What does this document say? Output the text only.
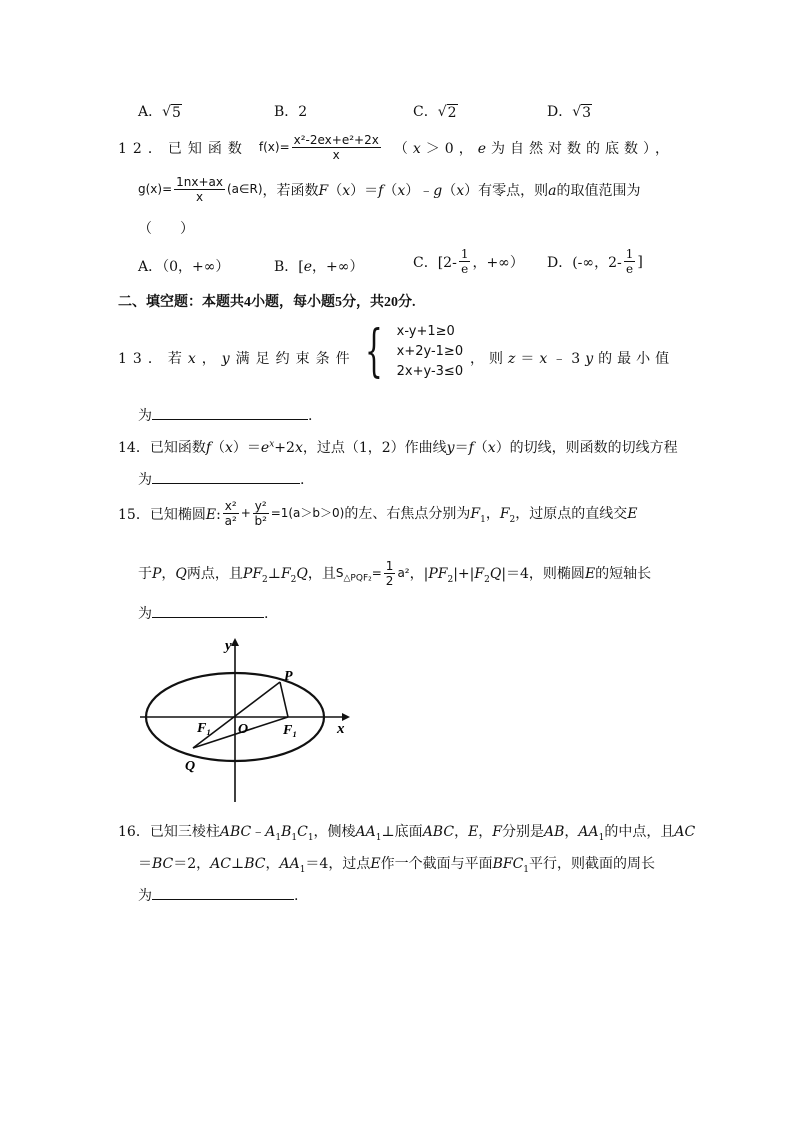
A． √ 5	B．2	C． √ 2	D． √ 3
12．已知函数 $f(x)= \frac{\text{x²-2ex+e²+2x}}{x} (x>0$，e为自然对数的底数），
$g(x)= \frac{1nx+ax}{x}$ (a∈R) ，若函数F（x）＝f（x）﹣g（x）有零点，则a的取值范围为
（　　）
A．（0，+∞）	B．[e，+∞）	C．[$2- \frac{1}{e}$ ，+∞） D．(-∞，$2- \frac{1}{e}$ ]
二、填空题：本题共4小题，每小题5分，共20分.
13．若x，y满足约束条件 { x-y+1≥0
x+2y-1≥0
2x+y-3≤0
，则z＝x﹣3y的最小值
为	.
14．已知函数$f(x)=e^x+2x$，过点（1，2）作曲线y＝f（x）的切线，则函数的切线方程
为	.
15．已知椭圆E: $\frac{\text{x²}}{\text{a²}} + \frac{\text{y²}}{\text{b²}} =1(a>b>0)$ 的左、右焦点分别为$F_1$，$F_2$，过原点的直线交E
于P，Q两点，且$PF_2\perp F_2Q$，且 $S_{\triangle PQF_2}= \frac{1}{2} a^2$ ，$|PF_2|+|F_2Q|=4$，则椭圆E的短轴长
为	.
y
x
P
O
F₁	F₁
Q
16．已知三棱柱$ABC﹣A_1B_1C_1$，侧棱$AA_1\perp$底面ABC，E，F分别是AB，$AA_1$的中点，且AC
＝BC＝2，AC⊥BC，$AA_1=4$，过点E作一个截面与平面$BFC_1$平行，则截面的周长
为	.
